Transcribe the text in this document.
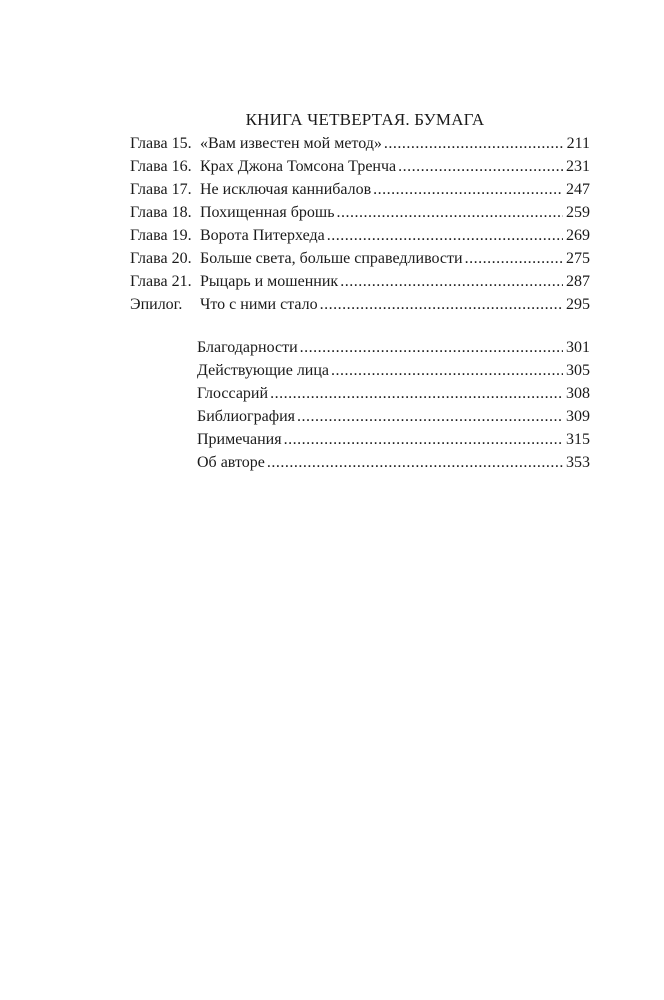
КНИГА ЧЕТВЕРТАЯ. БУМАГА
Глава 15. «Вам известен мой метод» .....	211
Глава 16. Крах Джона Томсона Тренча .....	231
Глава 17. Не исключая каннибалов .....	247
Глава 18. Похищенная брошь .....	259
Глава 19. Ворота Питерхеда .....	269
Глава 20. Больше света, больше справедливости .....	275
Глава 21. Рыцарь и мошенник .....	287
Эпилог.	Что с ними стало .....	295
Благодарности .....	301
Действующие лица .....	305
Глоссарий .....	308
Библиография .....	309
Примечания .....	315
Об авторе .....	353
